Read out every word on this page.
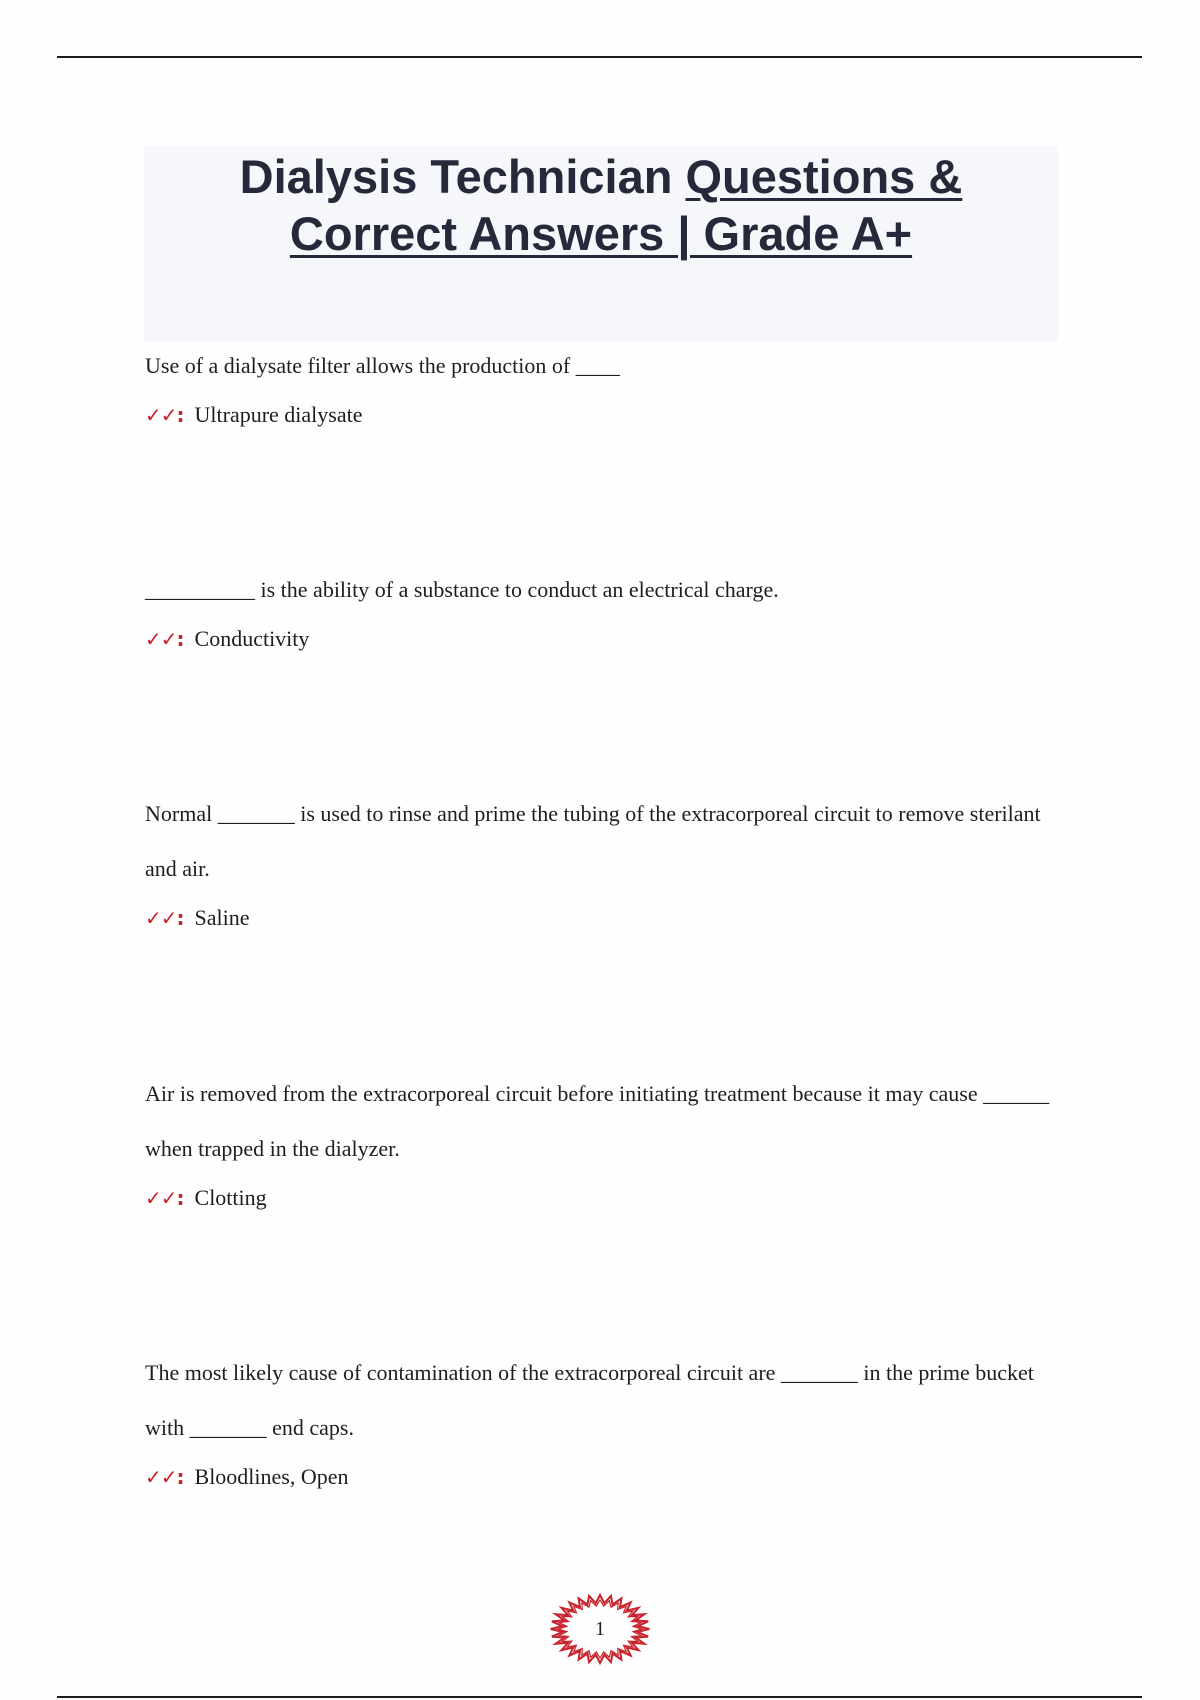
Dialysis Technician Questions &
Correct Answers | Grade A+

Use of a dialysate filter allows the production of ____

✓✓: Ultrapure dialysate

__________ is the ability of a substance to conduct an electrical charge.

✓✓: Conductivity

Normal _______ is used to rinse and prime the tubing of the extracorporeal circuit to remove sterilant and air.

✓✓: Saline

Air is removed from the extracorporeal circuit before initiating treatment because it may cause ______ when trapped in the dialyzer.

✓✓: Clotting

The most likely cause of contamination of the extracorporeal circuit are _______ in the prime bucket with _______ end caps.

✓✓: Bloodlines, Open

1
